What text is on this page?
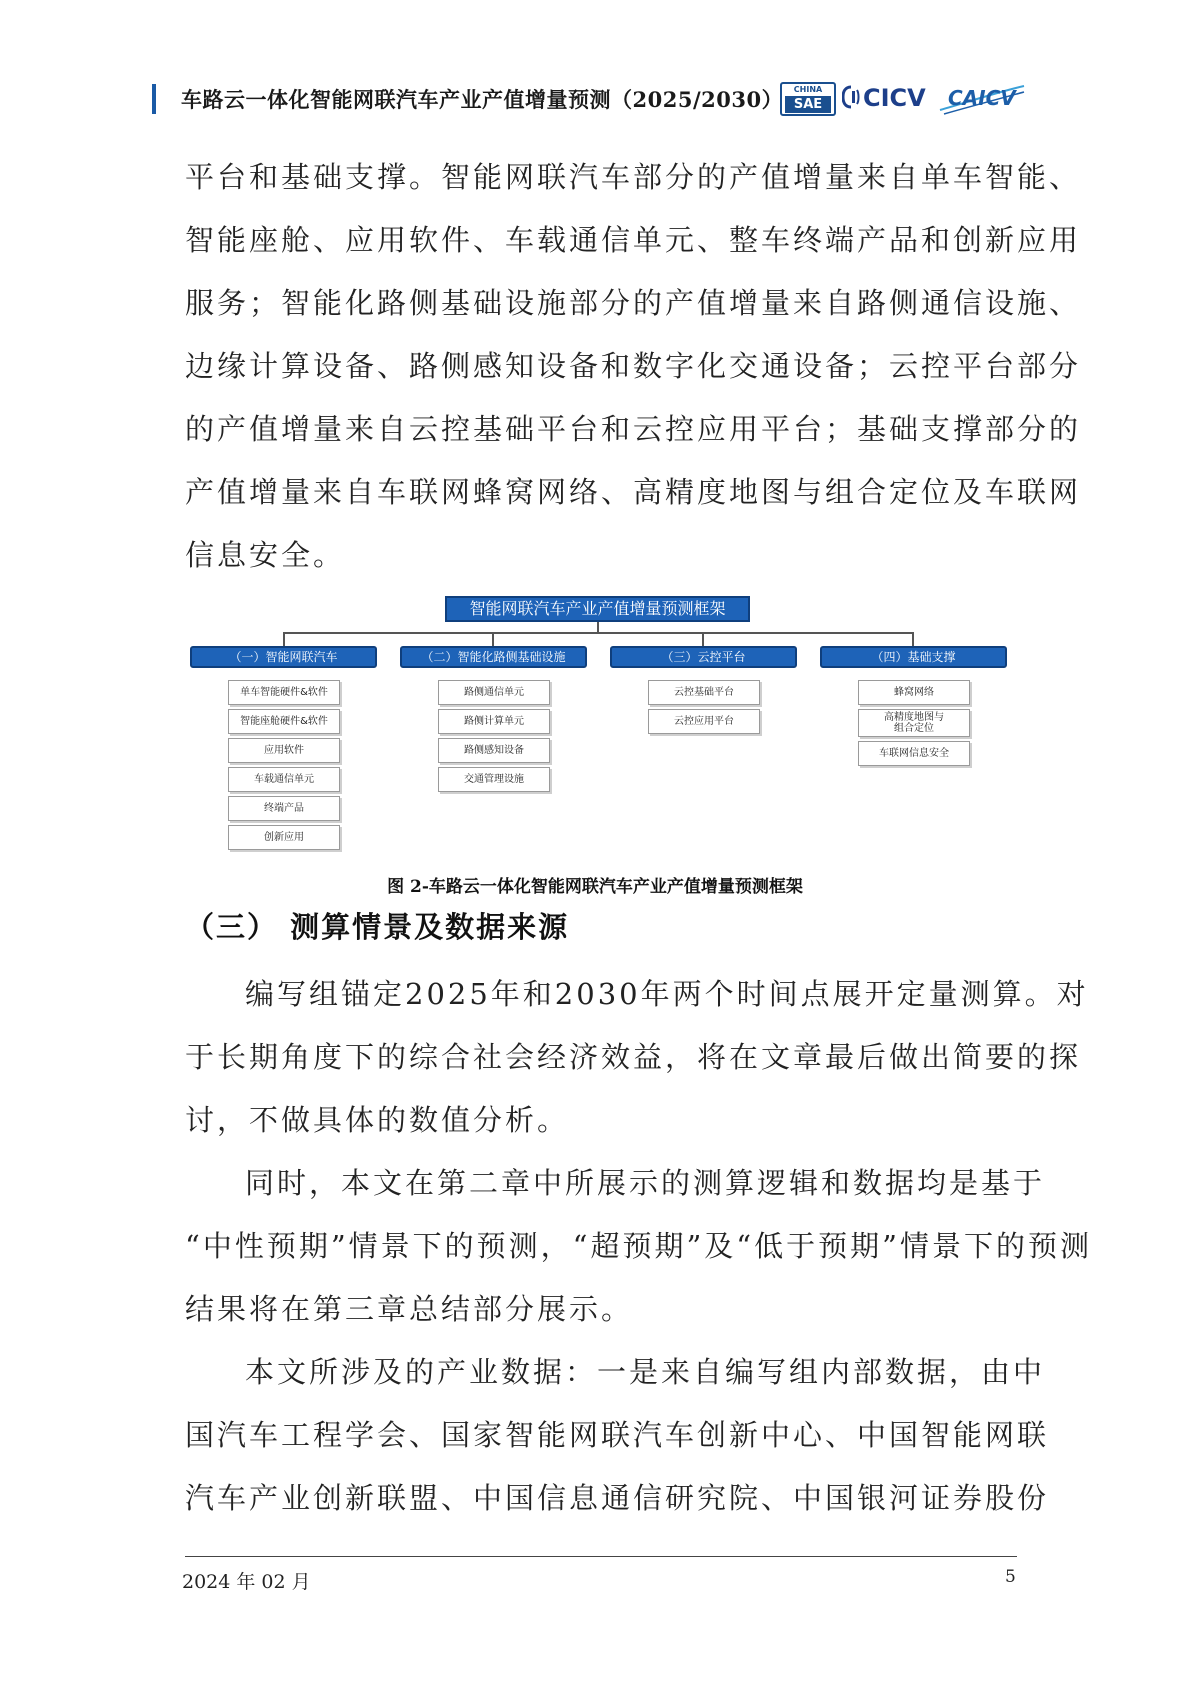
车路云一体化智能网联汽车产业产值增量预测（2025/2030）	CHINA
SAE	CICV CAICV
平台和基础支撑。智能网联汽车部分的产值增量来自单车智能、
智能座舱、应用软件、车载通信单元、整车终端产品和创新应用
服务；智能化路侧基础设施部分的产值增量来自路侧通信设施、
边缘计算设备、路侧感知设备和数字化交通设备；云控平台部分
的产值增量来自云控基础平台和云控应用平台；基础支撑部分的
产值增量来自车联网蜂窝网络、高精度地图与组合定位及车联网
信息安全。
智能网联汽车产业产值增量预测框架
（一）智能网联汽车	（二）智能化路侧基础设施	（三）云控平台	（四）基础支撑
单车智能硬件&软件
智能座舱硬件&软件
应用软件
车载通信单元
终端产品
创新应用
路侧通信单元
路侧计算单元
路侧感知设备
交通管理设施
云控基础平台
云控应用平台
蜂窝网络
高精度地图与
组合定位
车联网信息安全
图 2-车路云一体化智能网联汽车产业产值增量预测框架
（三） 测算情景及数据来源
编写组锚定2025年和2030年两个时间点展开定量测算。对
于长期角度下的综合社会经济效益，将在文章最后做出简要的探
讨，不做具体的数值分析。
同时，本文在第二章中所展示的测算逻辑和数据均是基于
“中性预期”情景下的预测，“超预期”及“低于预期”情景下的预测
结果将在第三章总结部分展示。
本文所涉及的产业数据：一是来自编写组内部数据，由中
国汽车工程学会、国家智能网联汽车创新中心、中国智能网联
汽车产业创新联盟、中国信息通信研究院、中国银河证券股份
2024 年 02 月	5
